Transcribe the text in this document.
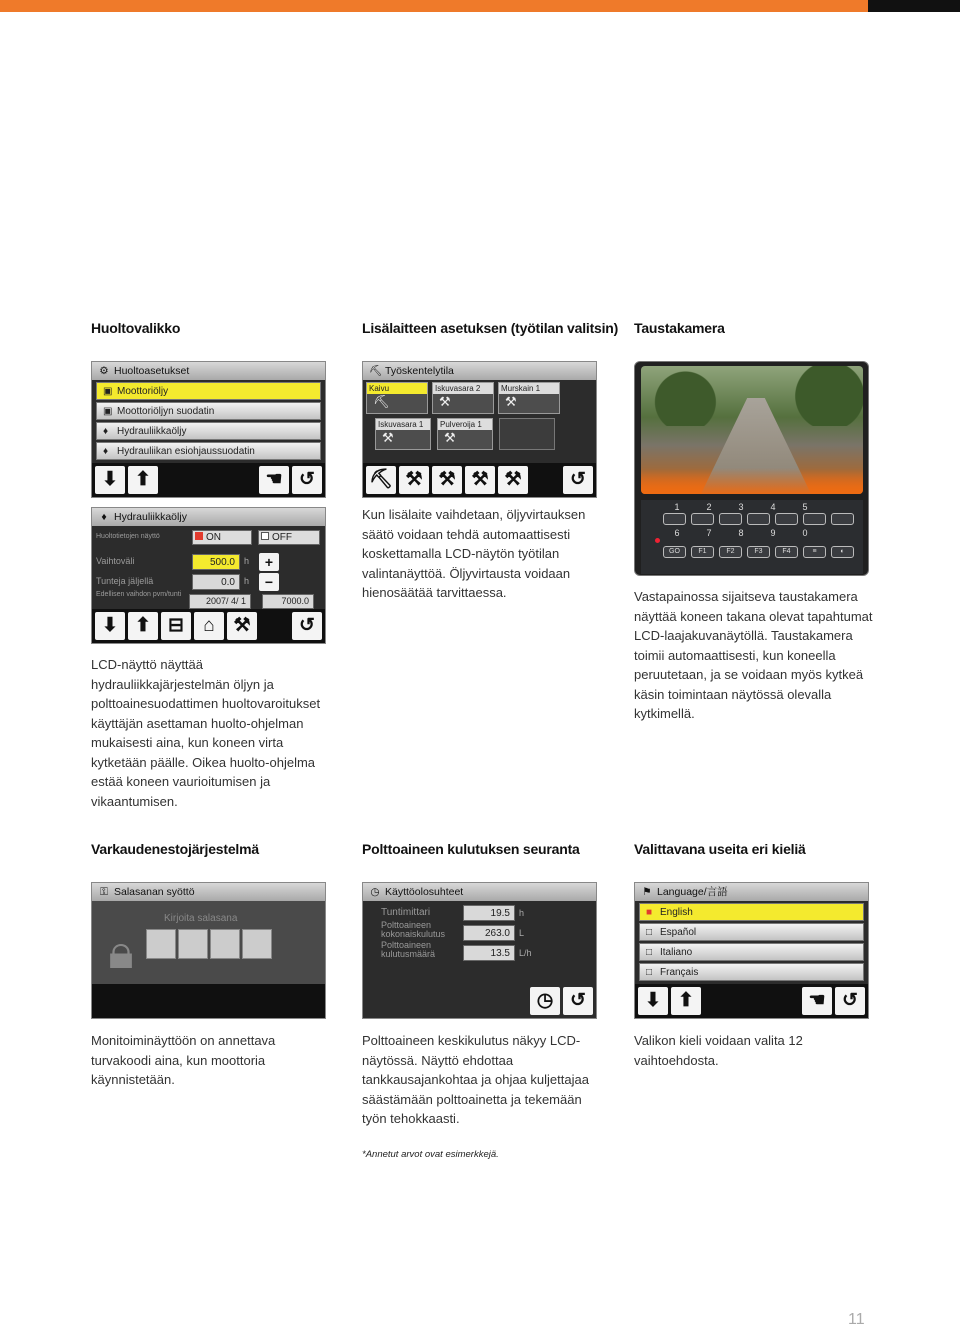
Huoltovalikko	Lisälaitteen asetuksen (työtilan valitsin) Taustakamera
Varkaudenestojärjestelmä	Polttoaineen kulutuksen seuranta	Valittavana useita eri kieliä
⚙ Huoltoasetukset
▣ Moottoriöljy
▣ Moottoriöljyn suodatin
♦ Hydrauliikkaöljy
♦ Hydrauliikan esiohjaussuodatin
⬇ ⬆	☚ ↺
♦ Hydrauliikkaöljy
Huoltotietojen näyttö	ON	OFF
Vaihtoväli	500.0	h	+
Tunteja jäljellä	0.0	h	−
Edellisen vaihdon pvm/tunti
2007/ 4/ 1	7000.0
⬇ ⬆ ⊟	⌂ ⚒	↺
LCD-näyttö näyttää hydrauliikkajärjestelmän öljyn ja polttoainesuodattimen huoltovaroitukset käyttäjän asettaman huolto-ohjelman mukaisesti aina, kun koneen virta kytketään päälle. Oikea huolto-ohjelma estää koneen vaurioitumisen ja vikaantumisen.
⛏ Työskentelytila
Kaivu
⛏
Iskuvasara 2
⚒
Murskain 1
⚒
Iskuvasara 1
⚒
Pulveroija 1
⚒
⛏ ⚒ ⚒ ⚒ ⚒	↺
Kun lisälaite vaihdetaan, öljyvirtauksen säätö voidaan tehdä automaattisesti koskettamalla LCD-näytön työtilan valintanäyttöä. Öljyvirtausta voidaan hienosäätää tarvittaessa.
1	2	3	4	5
6	7	8	9	0
GO	F1	F2	F3	F4	≡	◐
Vastapainossa sijaitseva taustakamera näyttää koneen takana olevat tapahtumat LCD-laajakuvanäytöllä. Taustakamera toimii automaattisesti, kun koneella peruutetaan, ja se voidaan myös kytkeä käsin toimintaan näytössä olevalla kytkimellä.
⚿ Salasanan syöttö
🔒︎
Kirjoita salasana
Monitoiminäyttöön on annettava turvakoodi aina, kun moottoria käynnistetään.
◷ Käyttöolosuhteet
Tuntimittari	19.5	h
Polttoaineen kokonaiskulutus	263.0	L
Polttoaineen kulutusmäärä	13.5	L/h
◷ ↺
Polttoaineen keskikulutus näkyy LCD-näytössä. Näyttö ehdottaa tankkausajankohtaa ja ohjaa kuljettajaa säästämään polttoainetta ja tekemään työn tehokkaasti.
⚑ Language/言語
■ English
□ Español
□ Italiano
□ Français
⬇ ⬆	☚ ↺
Valikon kieli voidaan valita 12 vaihtoehdosta.
*Annetut arvot ovat esimerkkejä.
11
